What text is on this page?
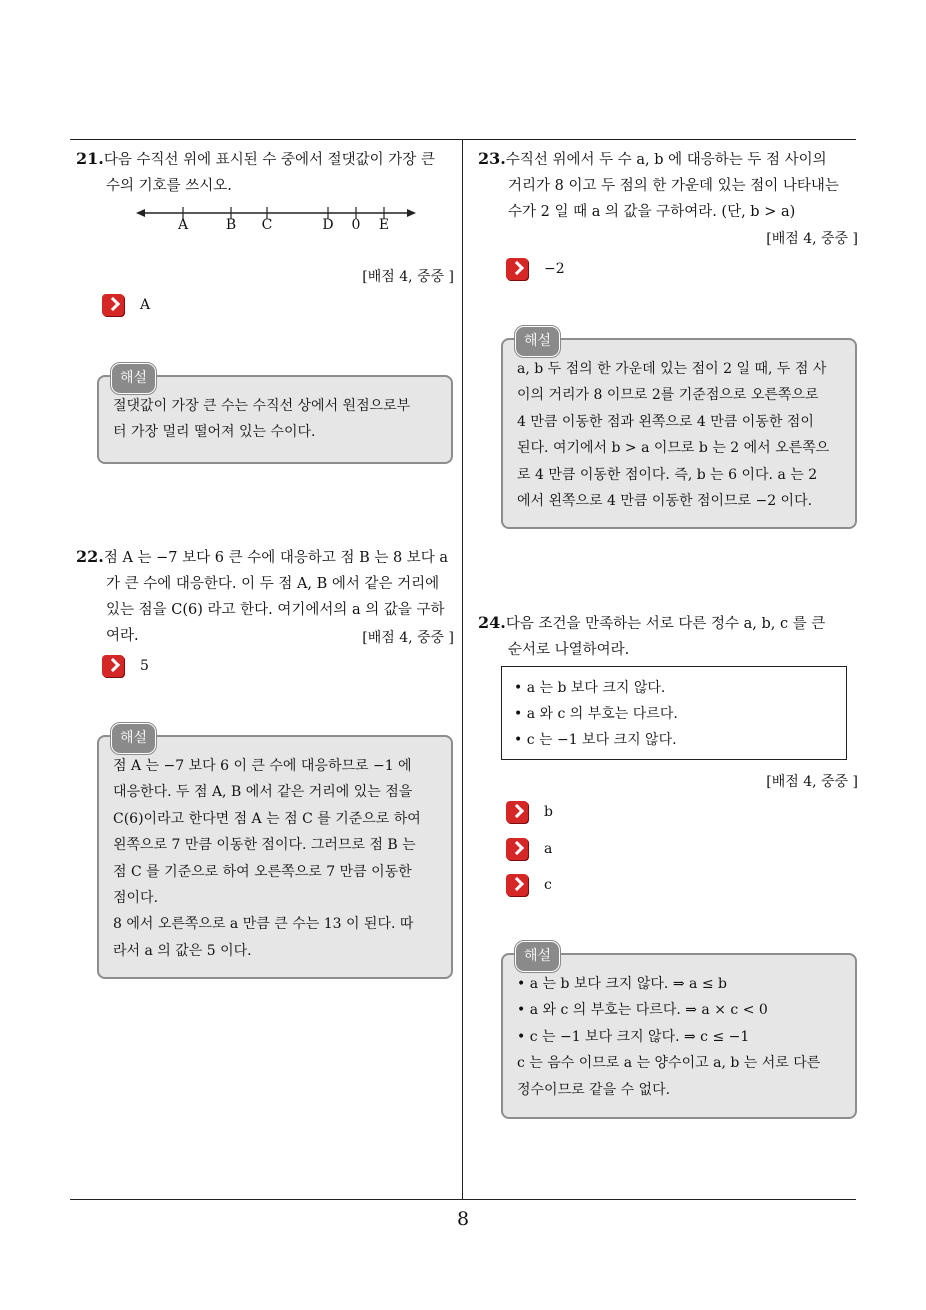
21.다음 수직선 위에 표시된 수 중에서 절댓값이 가장 큰
수의 기호를 쓰시오.
A	B C	D 0 E
[배점 4, 중중 ]
A
해설
절댓값이 가장 큰 수는 수직선 상에서 원점으로부
터 가장 멀리 떨어져 있는 수이다.
22.점 A 는 −7 보다 6 큰 수에 대응하고 점 B 는 8 보다 a
가 큰 수에 대응한다. 이 두 점 A, B 에서 같은 거리에
있는 점을 C(6) 라고 한다. 여기에서의 a 의 값을 구하
여라.	[배점 4, 중중 ]
5
해설
점 A 는 −7 보다 6 이 큰 수에 대응하므로 −1 에
대응한다. 두 점 A, B 에서 같은 거리에 있는 점을
C(6)이라고 한다면 점 A 는 점 C 를 기준으로 하여
왼쪽으로 7 만큼 이동한 점이다. 그러므로 점 B 는
점 C 를 기준으로 하여 오른쪽으로 7 만큼 이동한
점이다.
8 에서 오른쪽으로 a 만큼 큰 수는 13 이 된다. 따
라서 a 의 값은 5 이다.
23.수직선 위에서 두 수 a, b 에 대응하는 두 점 사이의
거리가 8 이고 두 점의 한 가운데 있는 점이 나타내는
수가 2 일 때 a 의 값을 구하여라. (단, b > a)
[배점 4, 중중 ]
−2
해설
a, b 두 점의 한 가운데 있는 점이 2 일 때, 두 점 사
이의 거리가 8 이므로 2를 기준점으로 오른쪽으로
4 만큼 이동한 점과 왼쪽으로 4 만큼 이동한 점이
된다. 여기에서 b > a 이므로 b 는 2 에서 오른쪽으
로 4 만큼 이동한 점이다. 즉, b 는 6 이다. a 는 2
에서 왼쪽으로 4 만큼 이동한 점이므로 −2 이다.
24.다음 조건을 만족하는 서로 다른 정수 a, b, c 를 큰
순서로 나열하여라.
• a 는 b 보다 크지 않다.
• a 와 c 의 부호는 다르다.
• c 는 −1 보다 크지 않다.
[배점 4, 중중 ]
b
a
c
해설
• a 는 b 보다 크지 않다. ⇒ a ≤ b
• a 와 c 의 부호는 다르다. ⇒ a × c < 0
• c 는 −1 보다 크지 않다. ⇒ c ≤ −1
c 는 음수 이므로 a 는 양수이고 a, b 는 서로 다른
정수이므로 같을 수 없다.
8
